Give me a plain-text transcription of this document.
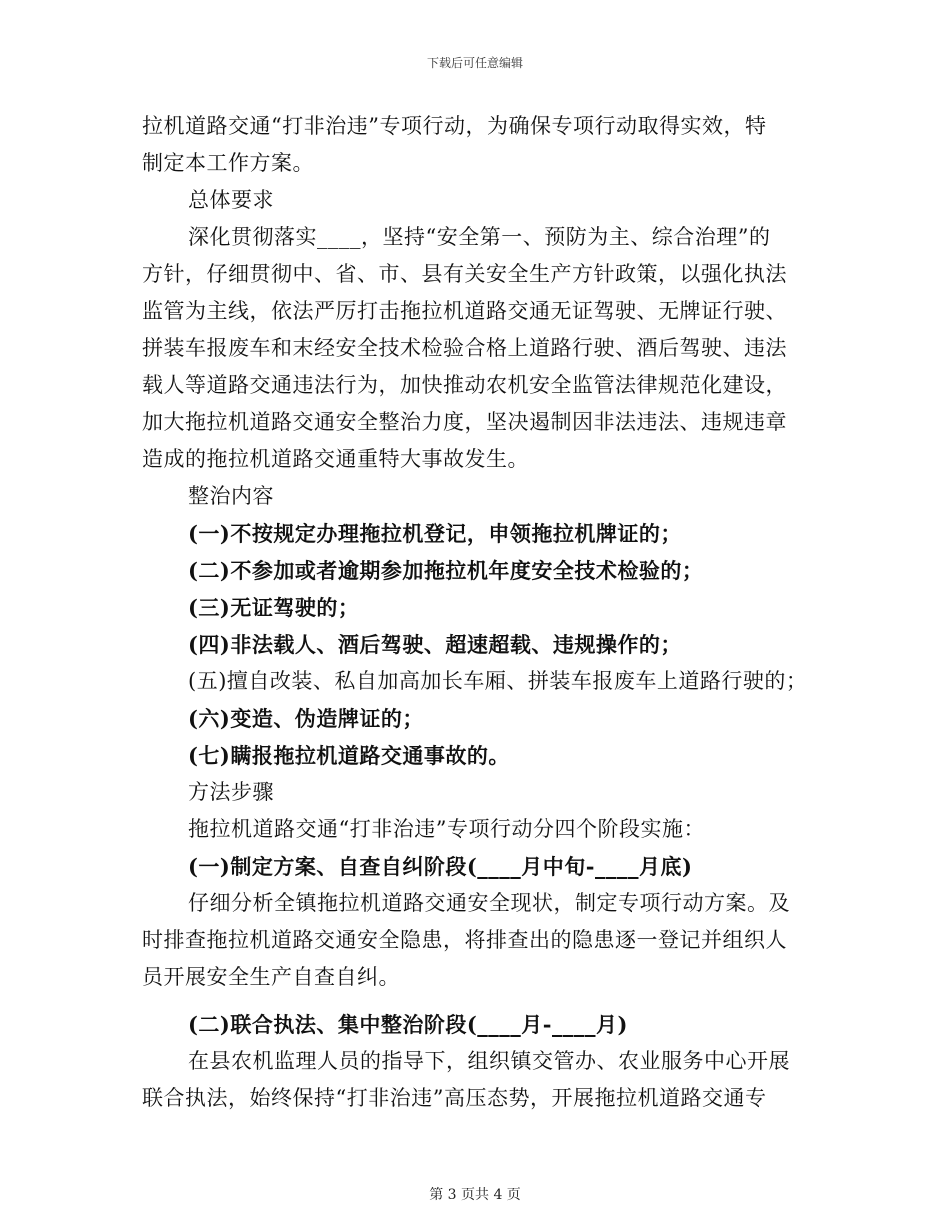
下载后可任意编辑
拉机道路交通“打非治违”专项行动，为确保专项行动取得实效，特
制定本工作方案。
总体要求
深化贯彻落实____，坚持“安全第一、预防为主、综合治理”的
方针，仔细贯彻中、省、市、县有关安全生产方针政策，以强化执法
监管为主线，依法严厉打击拖拉机道路交通无证驾驶、无牌证行驶、
拼装车报废车和末经安全技术检验合格上道路行驶、酒后驾驶、违法
载人等道路交通违法行为，加快推动农机安全监管法律规范化建设，
加大拖拉机道路交通安全整治力度，坚决遏制因非法违法、违规违章
造成的拖拉机道路交通重特大事故发生。
整治内容
(一)不按规定办理拖拉机登记，申领拖拉机牌证的；
(二)不参加或者逾期参加拖拉机年度安全技术检验的；
(三)无证驾驶的；
(四)非法载人、酒后驾驶、超速超载、违规操作的；
(五)擅自改装、私自加高加长车厢、拼装车报废车上道路行驶的；
(六)变造、伪造牌证的；
(七)瞒报拖拉机道路交通事故的。
方法步骤
拖拉机道路交通“打非治违”专项行动分四个阶段实施：
(一)制定方案、自查自纠阶段(____月中旬-____月底)
仔细分析全镇拖拉机道路交通安全现状，制定专项行动方案。及
时排查拖拉机道路交通安全隐患，将排查出的隐患逐一登记并组织人
员开展安全生产自查自纠。
(二)联合执法、集中整治阶段(____月-____月)
在县农机监理人员的指导下，组织镇交管办、农业服务中心开展
联合执法，始终保持“打非治违”高压态势，开展拖拉机道路交通专
第 3 页共 4 页
